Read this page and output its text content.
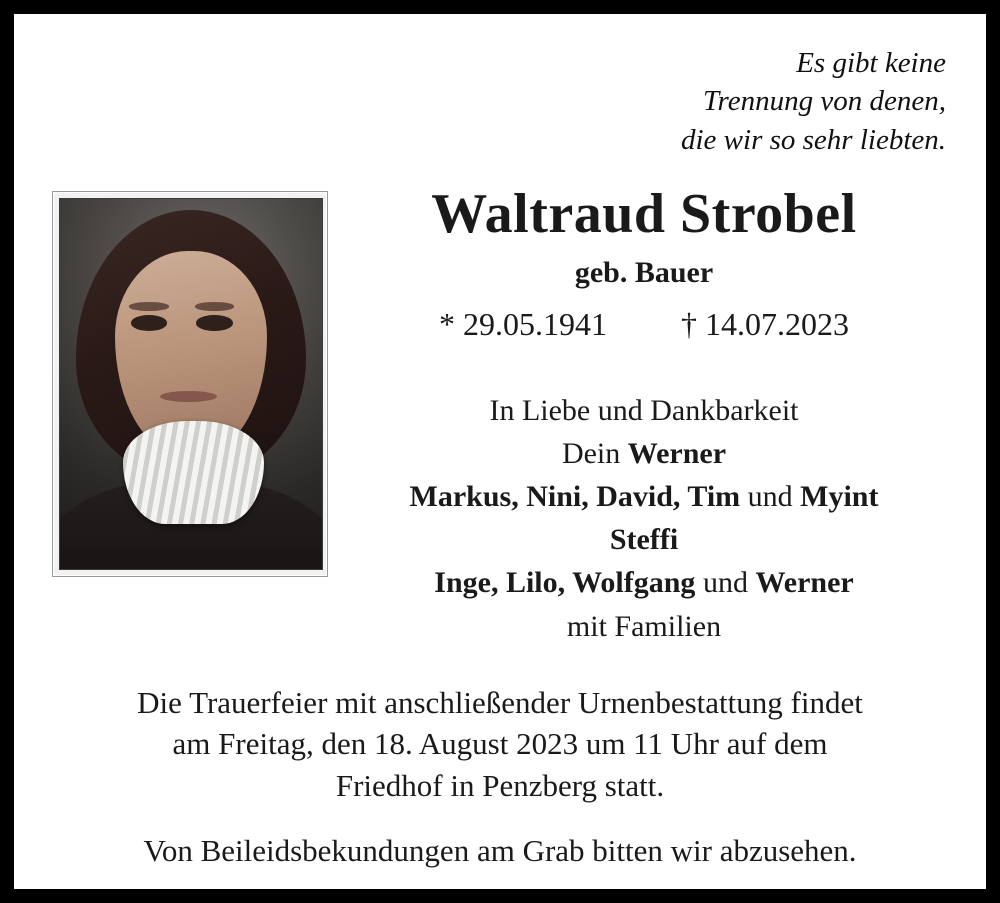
Es gibt keine
Trennung von denen,
die wir so sehr liebten.
Waltraud Strobel
geb. Bauer
* 29.05.1941 † 14.07.2023
In Liebe und Dankbarkeit
Dein Werner
Markus, Nini, David, Tim und Myint
Steffi
Inge, Lilo, Wolfgang und Werner
mit Familien
Die Trauerfeier mit anschließender Urnenbestattung findet
am Freitag, den 18. August 2023 um 11 Uhr auf dem
Friedhof in Penzberg statt.
Von Beileidsbekundungen am Grab bitten wir abzusehen.
